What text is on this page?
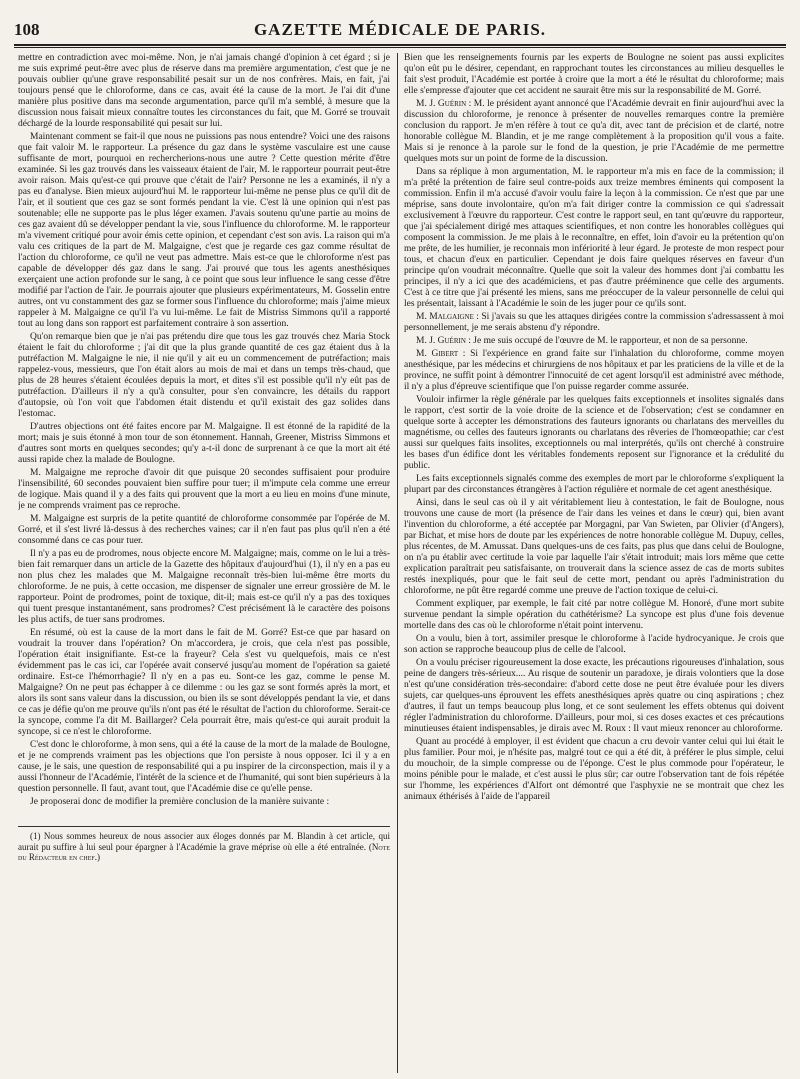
108	GAZETTE MÉDICALE DE PARIS.

mettre en contradiction avec moi-même. Non, je n'ai jamais changé d'opinion à cet égard ; si je me suis exprimé peut-être avec plus de réserve dans ma première argumentation, c'est que je ne pouvais oublier qu'une grave responsabilité pesait sur un de nos confrères. Mais, en fait, j'ai toujours pensé que le chloroforme, dans ce cas, avait été la cause de la mort. Je l'ai dit d'une manière plus positive dans ma seconde argumentation, parce qu'il m'a semblé, à mesure que la discussion nous faisait mieux connaître toutes les circonstances du fait, que M. Gorré se trouvait déchargé de la lourde responsabilité qui pesait sur lui.

Maintenant comment se fait-il que nous ne puissions pas nous entendre? Voici une des raisons que fait valoir M. le rapporteur. La présence du gaz dans le système vasculaire est une cause suffisante de mort, pourquoi en rechercherions-nous une autre ? Cette question mérite d'être examinée. Si les gaz trouvés dans les vaisseaux étaient de l'air, M. le rapporteur pourrait peut-être avoir raison. Mais qu'est-ce qui prouve que c'était de l'air? Personne ne les a examinés, il n'y a pas eu d'analyse. Bien mieux aujourd'hui M. le rapporteur lui-même ne pense plus ce qu'il dit de l'air, et il soutient que ces gaz se sont formés pendant la vie. C'est là une opinion qui n'est pas soutenable; elle ne supporte pas le plus léger examen. J'avais soutenu qu'une partie au moins de ces gaz avaient dû se développer pendant la vie, sous l'influence du chloroforme. M. le rapporteur m'a vivement critiqué pour avoir émis cette opinion, et cependant c'est son avis. La raison qui m'a valu ces critiques de la part de M. Malgaigne, c'est que je regarde ces gaz comme résultat de l'action du chloroforme, ce qu'il ne veut pas admettre. Mais est-ce que le chloroforme n'est pas capable de développer dés gaz dans le sang. J'ai prouvé que tous les agents anesthésiques exerçaient une action profonde sur le sang, à ce point que sous leur influence le sang cesse d'être modifié par l'action de l'air. Je pourrais ajouter que plusieurs expérimentateurs, M. Gosselin entre autres, ont vu constamment des gaz se former sous l'influence du chloroforme; mais j'aime mieux rappeler à M. Malgaigne ce qu'il l'a vu lui-même. Le fait de Mistriss Simmons qu'il a rapporté tout au long dans son rapport est parfaitement contraire à son assertion.

Qu'on remarque bien que je n'ai pas prétendu dire que tous les gaz trouvés chez Maria Stock étaient le fait du chloroforme ; j'ai dit que la plus grande quantité de ces gaz étaient dus à la putréfaction M. Malgaigne le nie, il nie qu'il y ait eu un commencement de putréfaction; mais rappelez-vous, messieurs, que l'on était alors au mois de mai et dans un temps très-chaud, que plus de 28 heures s'étaient écoulées depuis la mort, et dites s'il est possible qu'il n'y eût pas de putréfaction. D'ailleurs il n'y a qu'à consulter, pour s'en convaincre, les détails du rapport d'autopsie, où l'on voit que l'abdomen était distendu et qu'il existait des gaz solides dans l'estomac.

D'autres objections ont été faites encore par M. Malgaigne. Il est étonné de la rapidité de la mort; mais je suis étonné à mon tour de son étonnement. Hannah, Greener, Mistriss Simmons et d'autres sont morts en quelques secondes; qu'y a-t-il donc de surprenant à ce que la mort ait été aussi rapide chez la malade de Boulogne.

M. Malgaigne me reproche d'avoir dit que puisque 20 secondes suffisaient pour produire l'insensibilité, 60 secondes pouvaient bien suffire pour tuer; il m'impute cela comme une erreur de logique. Mais quand il y a des faits qui prouvent que la mort a eu lieu en moins d'une minute, je ne comprends vraiment pas ce reproche.

M. Malgaigne est surpris de la petite quantité de chloroforme consommée par l'opérée de M. Gorré, et il s'est livré là-dessus à des recherches vaines; car il n'en faut pas plus qu'il n'en a été consommé dans ce cas pour tuer.

Il n'y a pas eu de prodromes, nous objecte encore M. Malgaigne; mais, comme on le lui a très-bien fait remarquer dans un article de la Gazette des hôpitaux d'aujourd'hui (1), il n'y en a pas eu non plus chez les malades que M. Malgaigne reconnaît très-bien lui-même être morts du chloroforme. Je ne puis, à cette occasion, me dispenser de signaler une erreur grossière de M. le rapporteur. Point de prodromes, point de toxique, dit-il; mais est-ce qu'il n'y a pas des toxiques qui tuent presque instantanément, sans prodromes? C'est précisément là le caractère des poisons les plus actifs, de tuer sans prodromes.

En résumé, où est la cause de la mort dans le fait de M. Gorré? Est-ce que par hasard on voudrait la trouver dans l'opération? On m'accordera, je crois, que cela n'est pas possible, l'opération était insignifiante. Est-ce la frayeur? Cela s'est vu quelquefois, mais ce n'est évidemment pas le cas ici, car l'opérée avait conservé jusqu'au moment de l'opération sa gaieté ordinaire. Est-ce l'hémorrhagie? Il n'y en a pas eu. Sont-ce les gaz, comme le pense M. Malgaigne? On ne peut pas échapper à ce dilemme : ou les gaz se sont formés après la mort, et alors ils sont sans valeur dans la discussion, ou bien ils se sont développés pendant la vie, et dans ce cas je défie qu'on me prouve qu'ils n'ont pas été le résultat de l'action du chloroforme. Serait-ce la syncope, comme l'a dit M. Baillarger? Cela pourrait être, mais qu'est-ce qui aurait produit la syncope, si ce n'est le chloroforme.

C'est donc le chloroforme, à mon sens, qui a été la cause de la mort de la malade de Boulogne, et je ne comprends vraiment pas les objections que l'on persiste à nous opposer. Ici il y a en cause, je le sais, une question de responsabilité qui a pu inspirer de la circonspection, mais il y a aussi l'honneur de l'Académie, l'intérêt de la science et de l'humanité, qui sont bien supérieurs à la question personnelle. Il faut, avant tout, que l'Académie dise ce qu'elle pense.

Je proposerai donc de modifier la première conclusion de la manière suivante :

(1) Nous sommes heureux de nous associer aux éloges donnés par M. Blandin à cet article, qui aurait pu suffire à lui seul pour épargner à l'Académie la grave méprise où elle a été entraînée. (Note du Rédacteur en chef.)

Bien que les renseignements fournis par les experts de Boulogne ne soient pas aussi explicites qu'on eût pu le désirer, cependant, en rapprochant toutes les circonstances au milieu desquelles le fait s'est produit, l'Académie est portée à croire que la mort a été le résultat du chloroforme; mais elle s'empresse d'ajouter que cet accident ne saurait être mis sur la responsabilité de M. Gorré.

M. J. Guérin : M. le président ayant annoncé que l'Académie devrait en finir aujourd'hui avec la discussion du chloroforme, je renonce à présenter de nouvelles remarques contre la première conclusion du rapport. Je m'en réfère à tout ce qu'a dit, avec tant de précision et de clarté, notre honorable collègue M. Blandin, et je me range complètement à la proposition qu'il vous a faite. Mais si je renonce à la parole sur le fond de la question, je prie l'Académie de me permettre quelques mots sur un point de forme de la discussion.

Dans sa réplique à mon argumentation, M. le rapporteur m'a mis en face de la commission; il m'a prêté la prétention de faire seul contre-poids aux treize membres éminents qui composent la commission. Enfin il m'a accusé d'avoir voulu faire la leçon à la commission. Ce n'est que par une méprise, sans doute involontaire, qu'on m'a fait diriger contre la commission ce qui s'adressait exclusivement à l'œuvre du rapporteur. C'est contre le rapport seul, en tant qu'œuvre du rapporteur, que j'ai spécialement dirigé mes attaques scientifiques, et non contre les honorables collègues qui composent la commission. Je me plais à le reconnaître, en effet, loin d'avoir eu la prétention qu'on me prête, de les humilier, je reconnais mon infériorité à leur égard. Je proteste de mon respect pour tous, et chacun d'eux en particulier. Cependant je dois faire quelques réserves en faveur d'un principe qu'on voudrait méconnaître. Quelle que soit la valeur des hommes dont j'ai combattu les principes, il n'y a ici que des académiciens, et pas d'autre prééminence que celle des arguments. C'est à ce titre que j'ai présenté les miens, sans me préoccuper de la valeur personnelle de celui qui les présentait, laissant à l'Académie le soin de les juger pour ce qu'ils sont.

M. Malgaigne : Si j'avais su que les attaques dirigées contre la commission s'adressassent à moi personnellement, je me serais abstenu d'y répondre.

M. J. Guérin : Je me suis occupé de l'œuvre de M. le rapporteur, et non de sa personne.

M. Gibert : Si l'expérience en grand faite sur l'inhalation du chloroforme, comme moyen anesthésique, par les médecins et chirurgiens de nos hôpitaux et par les praticiens de la ville et de la province, ne suffit point à démontrer l'innocuité de cet agent lorsqu'il est administré avec méthode, il n'y a plus d'épreuve scientifique que l'on puisse regarder comme assurée.

Vouloir infirmer la règle générale par les quelques faits exceptionnels et insolites signalés dans le rapport, c'est sortir de la voie droite de la science et de l'observation; c'est se condamner en quelque sorte à accepter les démonstrations des fauteurs ignorants ou charlatans des merveilles du magnétisme, ou celles des fauteurs ignorants ou charlatans des rêveries de l'homœopathie; car c'est aussi sur quelques faits insolites, exceptionnels ou mal interprétés, qu'ils ont cherché à construire les bases d'un édifice dont les véritables fondements reposent sur l'ignorance et la crédulité du public.

Les faits exceptionnels signalés comme des exemples de mort par le chloroforme s'expliquent la plupart par des circonstances étrangères à l'action régulière et normale de cet agent anesthésique.

Ainsi, dans le seul cas où il y ait véritablement lieu à contestation, le fait de Boulogne, nous trouvons une cause de mort (la présence de l'air dans les veines et dans le cœur) qui, bien avant l'invention du chloroforme, a été acceptée par Morgagni, par Van Swieten, par Olivier (d'Angers), par Bichat, et mise hors de doute par les expériences de notre honorable collègue M. Dupuy, celles, plus récentes, de M. Amussat. Dans quelques-uns de ces faits, pas plus que dans celui de Boulogne, on n'a pu établir avec certitude la voie par laquelle l'air s'était introduit; mais lors même que cette explication paraîtrait peu satisfaisante, on trouverait dans la science assez de cas de morts subites restés inexpliqués, pour que le fait seul de cette mort, pendant ou après l'administration du chloroforme, ne pût être regardé comme une preuve de l'action toxique de celui-ci.

Comment expliquer, par exemple, le fait cité par notre collègue M. Honoré, d'une mort subite survenue pendant la simple opération du cathétérisme? La syncope est plus d'une fois devenue mortelle dans des cas où le chloroforme n'était point intervenu.

On a voulu, bien à tort, assimiler presque le chloroforme à l'acide hydrocyanique. Je crois que son action se rapproche beaucoup plus de celle de l'alcool.

On a voulu préciser rigoureusement la dose exacte, les précautions rigoureuses d'inhalation, sous peine de dangers très-sérieux.... Au risque de soutenir un paradoxe, je dirais volontiers que la dose n'est qu'une considération très-secondaire: d'abord cette dose ne peut être évaluée pour les divers sujets, car quelques-uns éprouvent les effets anesthésiques après quatre ou cinq aspirations ; chez d'autres, il faut un temps beaucoup plus long, et ce sont seulement les effets obtenus qui doivent régler l'administration du chloroforme. D'ailleurs, pour moi, si ces doses exactes et ces précautions minutieuses étaient indispensables, je dirais avec M. Roux : Il vaut mieux renoncer au chloroforme.

Quant au procédé à employer, il est évident que chacun a cru devoir vanter celui qui lui était le plus familier. Pour moi, je n'hésite pas, malgré tout ce qui a été dit, à préférer le plus simple, celui du mouchoir, de la simple compresse ou de l'éponge. C'est le plus commode pour l'opérateur, le moins pénible pour le malade, et c'est aussi le plus sûr; car outre l'observation tant de fois répétée sur l'homme, les expériences d'Alfort ont démontré que l'asphyxie ne se montrait que chez les animaux éthérisés à l'aide de l'appareil
